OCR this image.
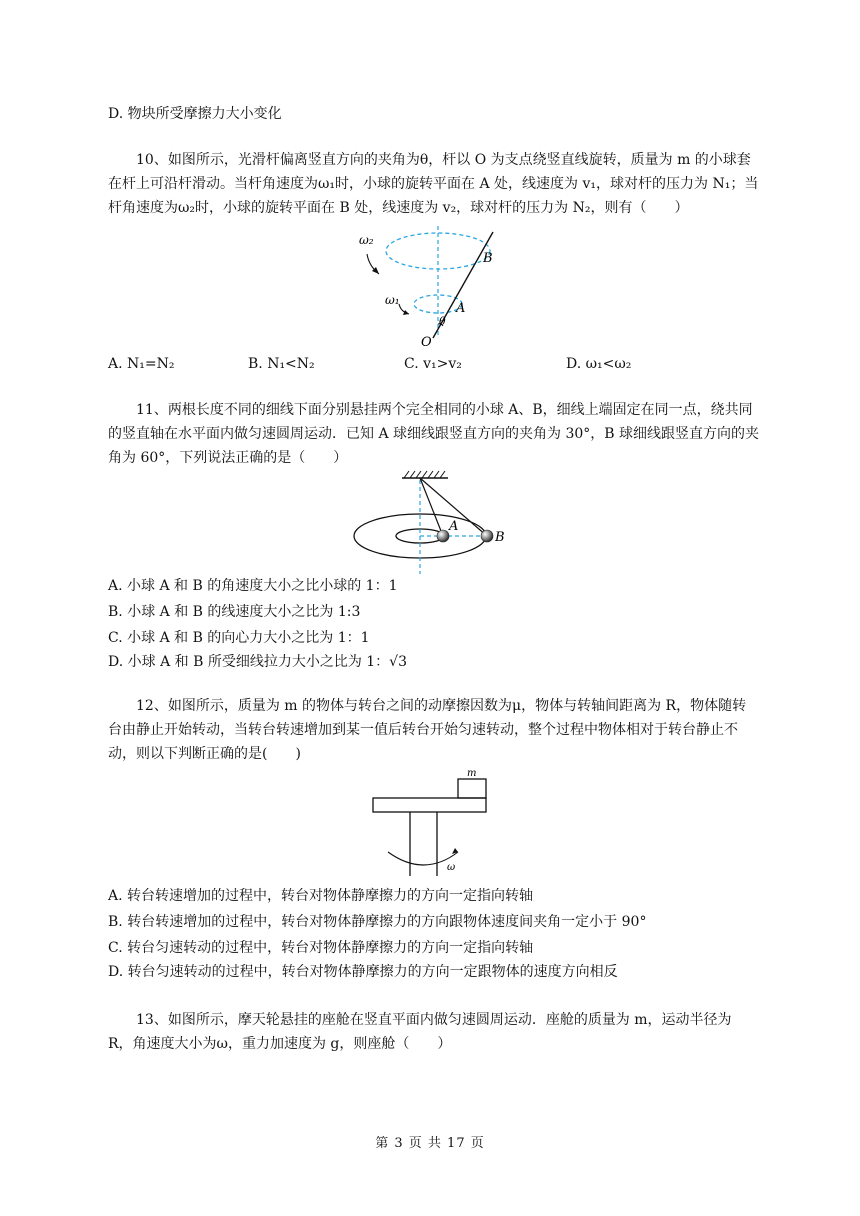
D. 物块所受摩擦力大小变化

10、如图所示，光滑杆偏离竖直方向的夹角为θ，杆以 O 为支点绕竖直线旋转，质量为 m 的小球套在杆上可沿杆滑动。当杆角速度为ω₁时，小球的旋转平面在 A 处，线速度为 v₁，球对杆的压力为 N₁；当杆角速度为ω₂时，小球的旋转平面在 B 处，线速度为 v₂，球对杆的压力为 N₂，则有（　　）

ω₂
ω₁
B
A
θ
O
A. N₁=N₂	B. N₁<N₂	C. v₁>v₂	D. ω₁<ω₂

11、两根长度不同的细线下面分别悬挂两个完全相同的小球 A、B，细线上端固定在同一点，绕共同的竖直轴在水平面内做匀速圆周运动．已知 A 球细线跟竖直方向的夹角为 30°，B 球细线跟竖直方向的夹角为 60°，下列说法正确的是（　　）

A
B
A. 小球 A 和 B 的角速度大小之比小球的 1：1
B. 小球 A 和 B 的线速度大小之比为 1:3
C. 小球 A 和 B 的向心力大小之比为 1：1
D. 小球 A 和 B 所受细线拉力大小之比为 1：√3

12、如图所示，质量为 m 的物体与转台之间的动摩擦因数为μ，物体与转轴间距离为 R，物体随转台由静止开始转动，当转台转速增加到某一值后转台开始匀速转动，整个过程中物体相对于转台静止不动，则以下判断正确的是(　　)

m
ω
A. 转台转速增加的过程中，转台对物体静摩擦力的方向一定指向转轴
B. 转台转速增加的过程中，转台对物体静摩擦力的方向跟物体速度间夹角一定小于 90°
C. 转台匀速转动的过程中，转台对物体静摩擦力的方向一定指向转轴
D. 转台匀速转动的过程中，转台对物体静摩擦力的方向一定跟物体的速度方向相反

13、如图所示，摩天轮悬挂的座舱在竖直平面内做匀速圆周运动．座舱的质量为 m，运动半径为 R，角速度大小为ω，重力加速度为 g，则座舱（　　）

第 3 页 共 17 页
